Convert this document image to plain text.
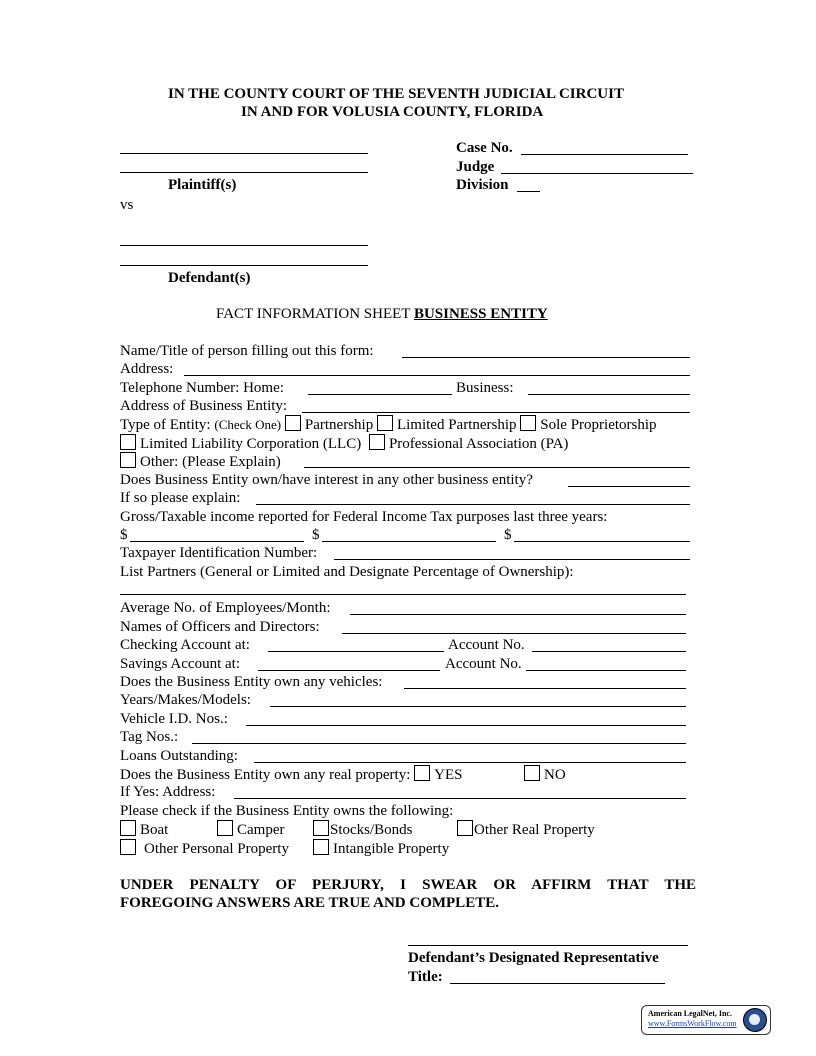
IN THE COUNTY COURT OF THE SEVENTH JUDICIAL CIRCUIT
IN AND FOR VOLUSIA COUNTY, FLORIDA
Plaintiff(s)
vs
Defendant(s)
Case No.
Judge
Division
FACT INFORMATION SHEET BUSINESS ENTITY
Name/Title of person filling out this form:
Address:
Telephone Number: Home:	Business:
Address of Business Entity:
Type of Entity: (Check One) Partnership Limited Partnership Sole Proprietorship
Limited Liability Corporation (LLC) Professional Association (PA)
Other: (Please Explain)
Does Business Entity own/have interest in any other business entity?
If so please explain:
Gross/Taxable income reported for Federal Income Tax purposes last three years:
$	$	$
Taxpayer Identification Number:
List Partners (General or Limited and Designate Percentage of Ownership):
Average No. of Employees/Month:
Names of Officers and Directors:
Checking Account at:	Account No.
Savings Account at:	Account No.
Does the Business Entity own any vehicles:
Years/Makes/Models:
Vehicle I.D. Nos.:
Tag Nos.:
Loans Outstanding:
Does the Business Entity own any real property: YES	NO
If Yes: Address:
Please check if the Business Entity owns the following:
Boat	Camper	Stocks/Bonds	Other Real Property
Other Personal Property	Intangible Property
UNDER PENALTY OF PERJURY, I SWEAR OR AFFIRM THAT THE
FOREGOING ANSWERS ARE TRUE AND COMPLETE.
Defendant’s Designated Representative
Title:
American LegalNet, Inc.
www.FormsWorkFlow.com
